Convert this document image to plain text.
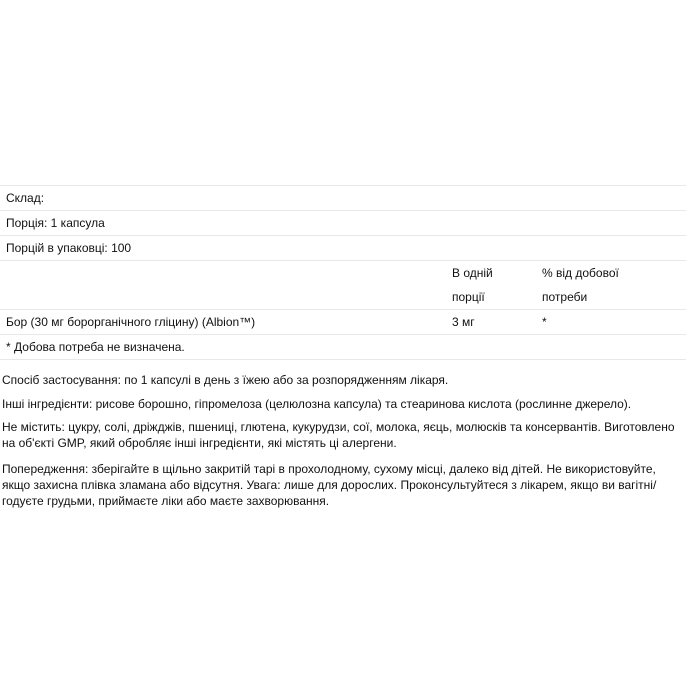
Склад:		
Порція: 1 капсула		
Порцій в упаковці: 100		
	В одній	% від добової
	порції	потреби
Бор (30 мг борорганічного гліцину) (Albion™)	3 мг	*
* Добова потреба не визначена.		

Спосіб застосування: по 1 капсулі в день з їжею або за розпорядженням лікаря.

Інші інгредієнти: рисове борошно, гіпромелоза (целюлозна капсула) та стеаринова кислота (рослинне джерело).

Не містить: цукру, солі, дріжджів, пшениці, глютена, кукурудзи, сої, молока, яєць, молюсків та консервантів. Виготовлено на об'єкті GMP, який обробляє інші інгредієнти, які містять ці алергени.

Попередження: зберігайте в щільно закритій тарі в прохолодному, сухому місці, далеко від дітей. Не використовуйте, якщо захисна плівка зламана або відсутня. Увага: лише для дорослих. Проконсультуйтеся з лікарем, якщо ви вагітні/годуєте грудьми, приймаєте ліки або маєте захворювання.
